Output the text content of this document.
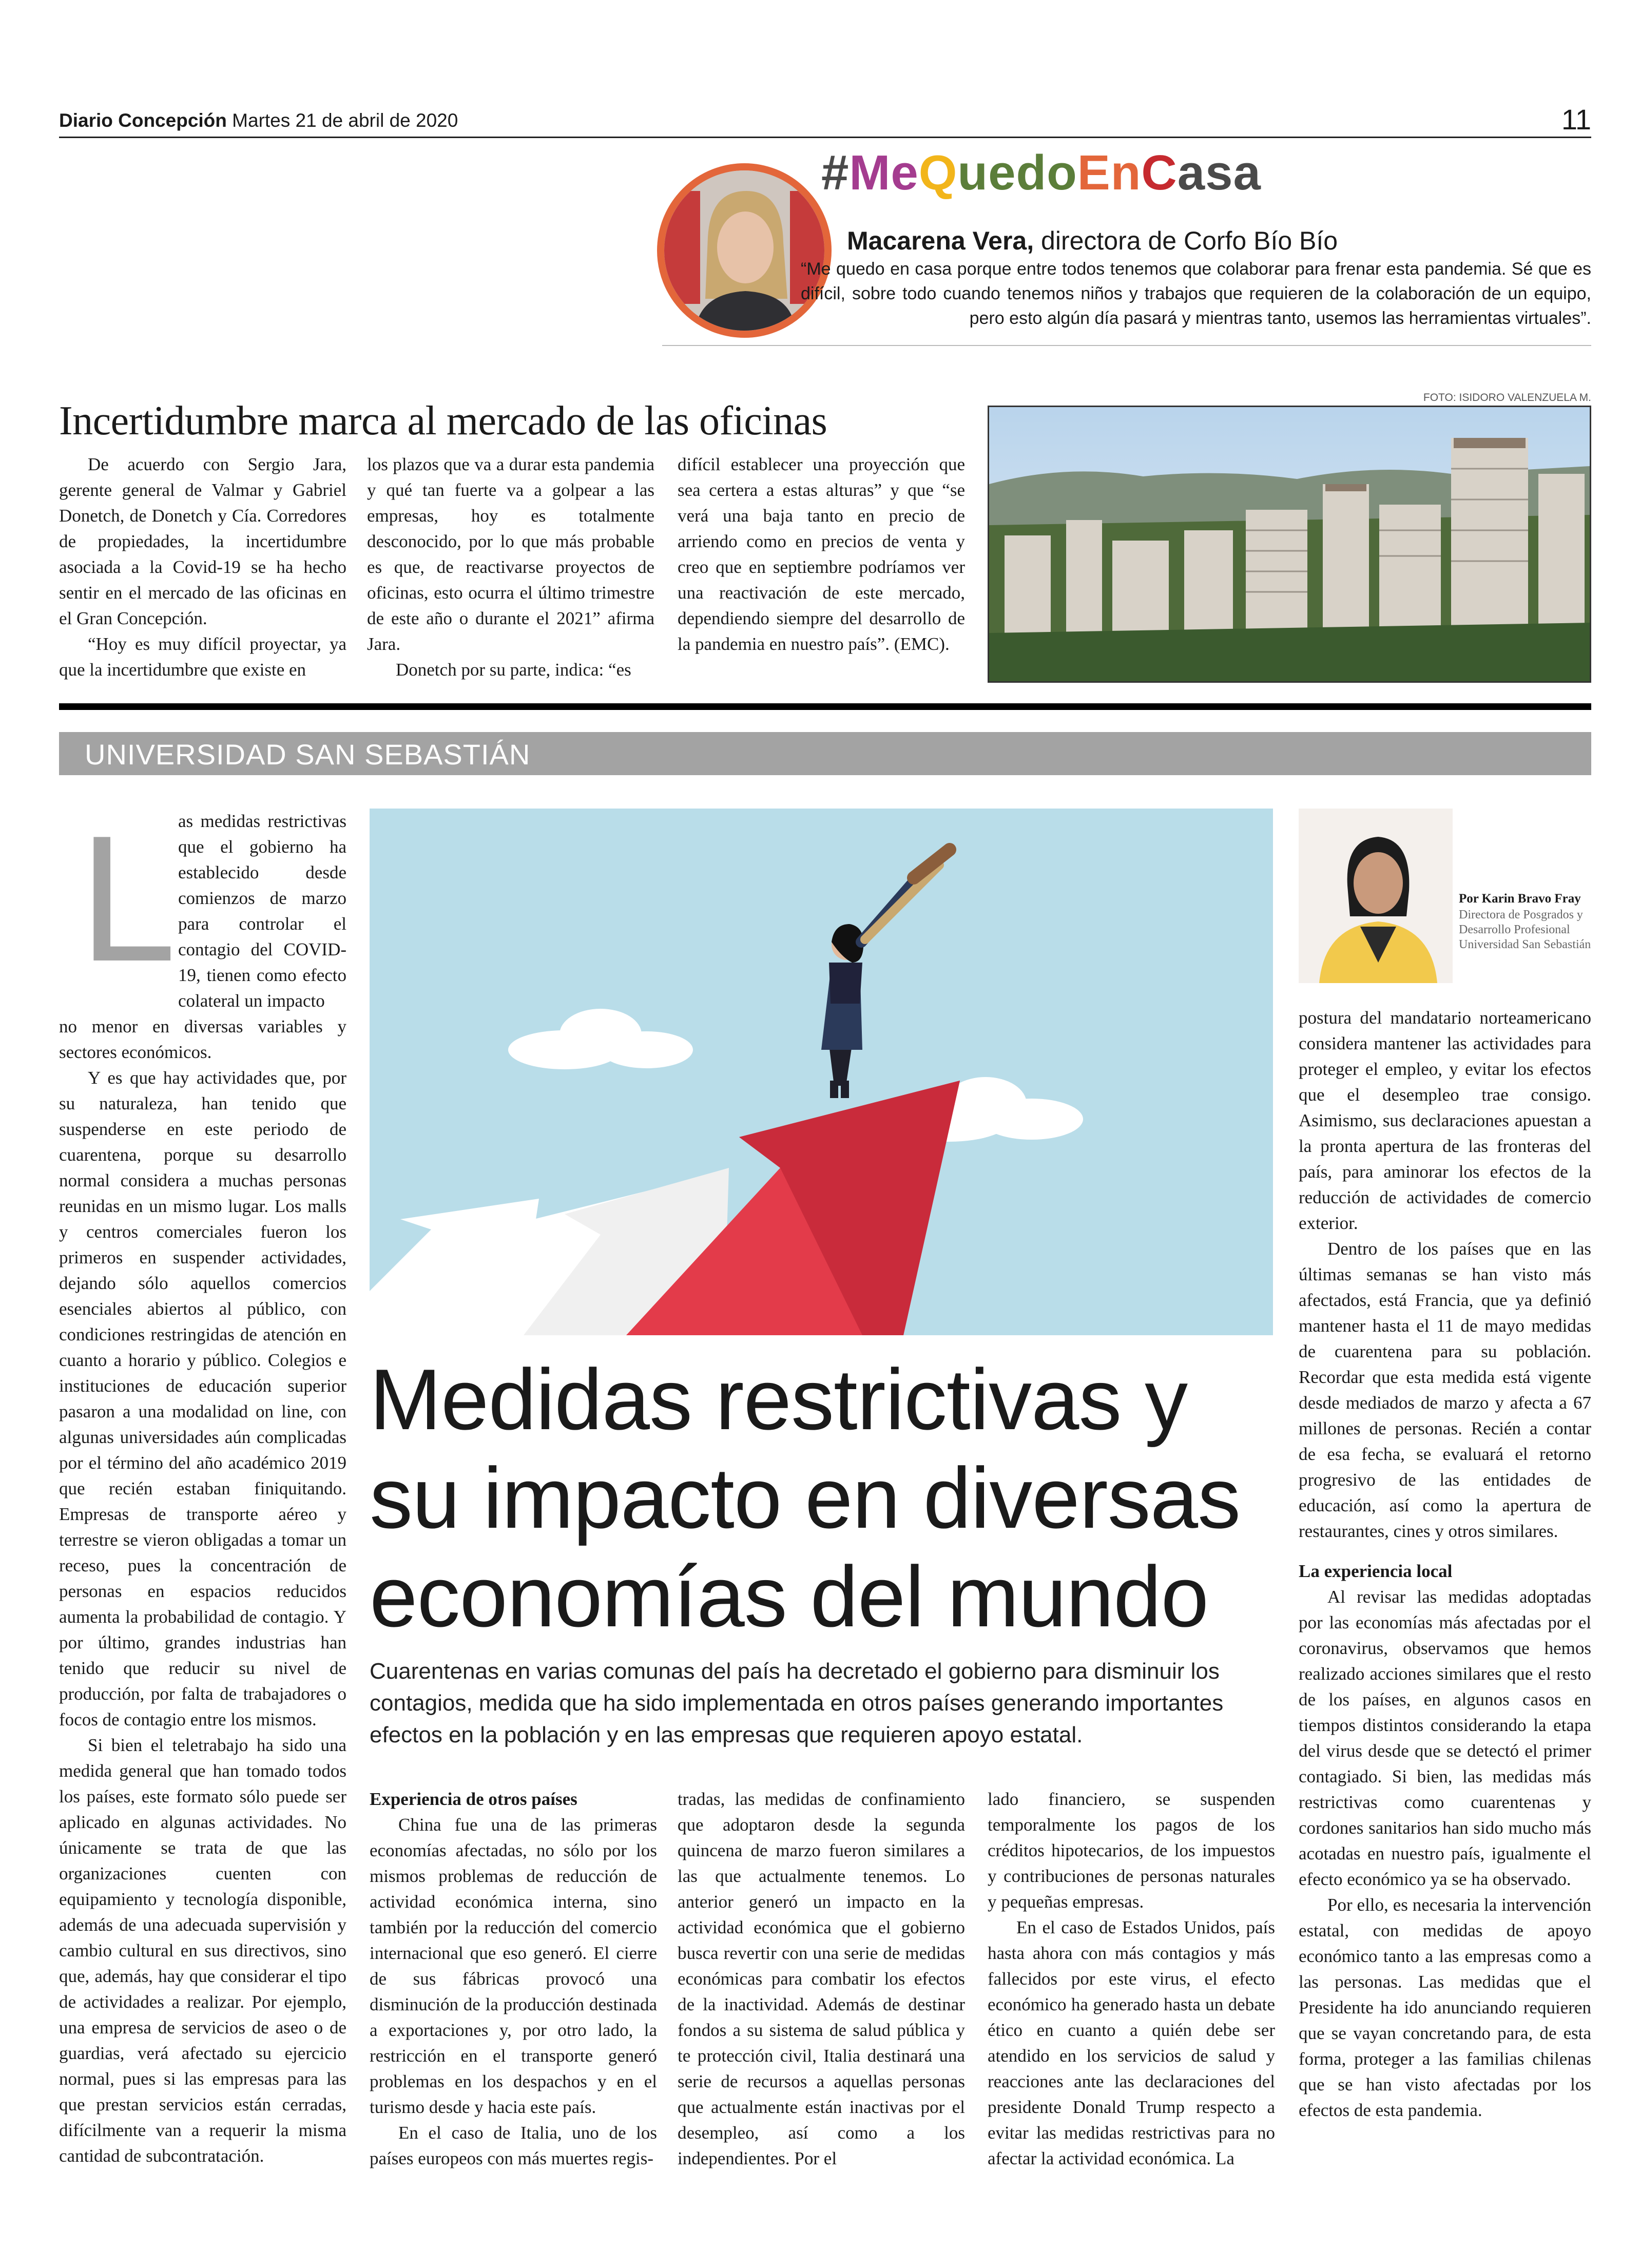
Diario Concepción Martes 21 de abril de 2020	11
#MeQuedoEnCasa
Macarena Vera, directora de Corfo Bío Bío
“Me quedo en casa porque entre todos tenemos que colaborar para frenar esta pandemia. Sé que es difícil, sobre todo cuando tenemos niños y trabajos que requieren de la colaboración de un equipo, pero esto algún día pasará y mientras tanto, usemos las herramientas virtuales”.
Incertidumbre marca al mercado de las oficinas

De acuerdo con Sergio Jara, gerente general de Valmar y Gabriel Donetch, de Donetch y Cía. Corredores de propiedades, la incertidumbre asociada a la Covid-19 se ha hecho sentir en el mercado de las oficinas en el Gran Concepción.

“Hoy es muy difícil proyectar, ya que la incertidumbre que existe en

los plazos que va a durar esta pandemia y qué tan fuerte va a golpear a las empresas, hoy es totalmente desconocido, por lo que más probable es que, de reactivarse proyectos de oficinas, esto ocurra el último trimestre de este año o durante el 2021” afirma Jara.

Donetch por su parte, indica: “es

difícil establecer una proyección que sea certera a estas alturas” y que “se verá una baja tanto en precio de arriendo como en precios de venta y creo que en septiembre podríamos ver una reactivación de este mercado, dependiendo siempre del desarrollo de la pandemia en nuestro país”. (EMC).

FOTO: ISIDORO VALENZUELA M.
UNIVERSIDAD SAN SEBASTIÁN
L as medidas restrictivas que el gobierno ha establecido desde comienzos de marzo para controlar el contagio del COVID-19, tienen como efecto colateral un impacto

no menor en diversas variables y sectores económicos.

Y es que hay actividades que, por su naturaleza, han tenido que suspenderse en este periodo de cuarentena, porque su desarrollo normal considera a muchas personas reunidas en un mismo lugar. Los malls y centros comerciales fueron los primeros en suspender actividades, dejando sólo aquellos comercios esenciales abiertos al público, con condiciones restringidas de atención en cuanto a horario y público. Colegios e instituciones de educación superior pasaron a una modalidad on line, con algunas universidades aún complicadas por el término del año académico 2019 que recién estaban finiquitando. Empresas de transporte aéreo y terrestre se vieron obligadas a tomar un receso, pues la concentración de personas en espacios reducidos aumenta la probabilidad de contagio. Y por último, grandes industrias han tenido que reducir su nivel de producción, por falta de trabajadores o focos de contagio entre los mismos.

Si bien el teletrabajo ha sido una medida general que han tomado todos los países, este formato sólo puede ser aplicado en algunas actividades. No únicamente se trata de que las organizaciones cuenten con equipamiento y tecnología disponible, además de una adecuada supervisión y cambio cultural en sus directivos, sino que, además, hay que considerar el tipo de actividades a realizar. Por ejemplo, una empresa de servicios de aseo o de guardias, verá afectado su ejercicio normal, pues si las empresas para las que prestan servicios están cerradas, difícilmente van a requerir la misma cantidad de subcontratación.

Por Karin Bravo Fray
Directora de Posgrados y Desarrollo Profesional Universidad San Sebastián
Medidas restrictivas y su impacto en diversas economías del mundo
Cuarentenas en varias comunas del país ha decretado el gobierno para disminuir los contagios, medida que ha sido implementada en otros países generando importantes efectos en la población y en las empresas que requieren apoyo estatal.

Experiencia de otros países

China fue una de las primeras economías afectadas, no sólo por los mismos problemas de reducción de actividad económica interna, sino también por la reducción del comercio internacional que eso generó. El cierre de sus fábricas provocó una disminución de la producción destinada a exportaciones y, por otro lado, la restricción en el transporte generó problemas en los despachos y en el turismo desde y hacia este país.

En el caso de Italia, uno de los países europeos con más muertes regis-

tradas, las medidas de confinamiento que adoptaron desde la segunda quincena de marzo fueron similares a las que actualmente tenemos. Lo anterior generó un impacto en la actividad económica que el gobierno busca revertir con una serie de medidas económicas para combatir los efectos de la inactividad. Además de destinar fondos a su sistema de salud pública y te protección civil, Italia destinará una serie de recursos a aquellas personas que actualmente están inactivas por el desempleo, así como a los independientes. Por el

lado financiero, se suspenden temporalmente los pagos de los créditos hipotecarios, de los impuestos y contribuciones de personas naturales y pequeñas empresas.

En el caso de Estados Unidos, país hasta ahora con más contagios y más fallecidos por este virus, el efecto económico ha generado hasta un debate ético en cuanto a quién debe ser atendido en los servicios de salud y reacciones ante las declaraciones del presidente Donald Trump respecto a evitar las medidas restrictivas para no afectar la actividad económica. La

postura del mandatario norteamericano considera mantener las actividades para proteger el empleo, y evitar los efectos que el desempleo trae consigo. Asimismo, sus declaraciones apuestan a la pronta apertura de las fronteras del país, para aminorar los efectos de la reducción de actividades de comercio exterior.

Dentro de los países que en las últimas semanas se han visto más afectados, está Francia, que ya definió mantener hasta el 11 de mayo medidas de cuarentena para su población. Recordar que esta medida está vigente desde mediados de marzo y afecta a 67 millones de personas. Recién a contar de esa fecha, se evaluará el retorno progresivo de las entidades de educación, así como la apertura de restaurantes, cines y otros similares.

La experiencia local

Al revisar las medidas adoptadas por las economías más afectadas por el coronavirus, observamos que hemos realizado acciones similares que el resto de los países, en algunos casos en tiempos distintos considerando la etapa del virus desde que se detectó el primer contagiado. Si bien, las medidas más restrictivas como cuarentenas y cordones sanitarios han sido mucho más acotadas en nuestro país, igualmente el efecto económico ya se ha observado.

Por ello, es necesaria la intervención estatal, con medidas de apoyo económico tanto a las empresas como a las personas. Las medidas que el Presidente ha ido anunciando requieren que se vayan concretando para, de esta forma, proteger a las familias chilenas que se han visto afectadas por los efectos de esta pandemia.
